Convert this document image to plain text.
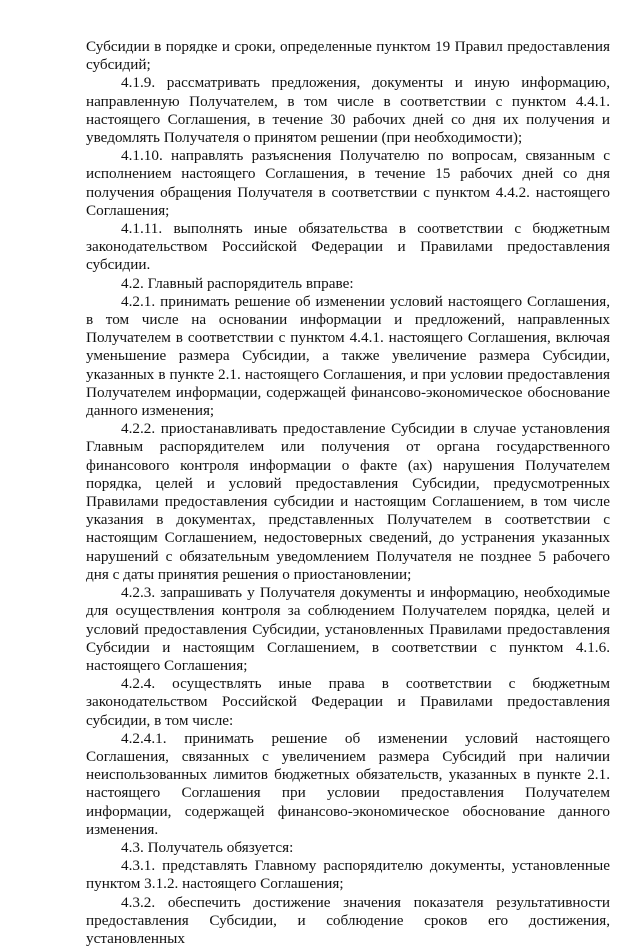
Субсидии в порядке и сроки, определенные пунктом 19 Правил предоставления субсидий;

4.1.9. рассматривать предложения, документы и иную информацию, направленную Получателем, в том числе в соответствии с пунктом 4.4.1. настоящего Соглашения, в течение 30 рабочих дней со дня их получения и уведомлять Получателя о принятом решении (при необходимости);

4.1.10. направлять разъяснения Получателю по вопросам, связанным с исполнением настоящего Соглашения, в течение 15 рабочих дней со дня получения обращения Получателя в соответствии с пунктом 4.4.2. настоящего Соглашения;

4.1.11. выполнять иные обязательства в соответствии с бюджетным законодательством Российской Федерации и Правилами предоставления субсидии.

4.2. Главный распорядитель вправе:

4.2.1. принимать решение об изменении условий настоящего Соглашения, в том числе на основании информации и предложений, направленных Получателем в соответствии с пунктом 4.4.1. настоящего Соглашения, включая уменьшение размера Субсидии, а также увеличение размера Субсидии, указанных в пункте 2.1. настоящего Соглашения, и при условии предоставления Получателем информации, содержащей финансово-экономическое обоснование данного изменения;

4.2.2. приостанавливать предоставление Субсидии в случае установления Главным распорядителем или получения от органа государственного финансового контроля информации о факте (ах) нарушения Получателем порядка, целей и условий предоставления Субсидии, предусмотренных Правилами предоставления субсидии и настоящим Соглашением, в том числе указания в документах, представленных Получателем в соответствии с настоящим Соглашением, недостоверных сведений, до устранения указанных нарушений с обязательным уведомлением Получателя не позднее 5 рабочего дня с даты принятия решения о приостановлении;

4.2.3. запрашивать у Получателя документы и информацию, необходимые для осуществления контроля за соблюдением Получателем порядка, целей и условий предоставления Субсидии, установленных Правилами предоставления Субсидии и настоящим Соглашением, в соответствии с пунктом 4.1.6. настоящего Соглашения;

4.2.4. осуществлять иные права в соответствии с бюджетным законодательством Российской Федерации и Правилами предоставления субсидии, в том числе:

4.2.4.1. принимать решение об изменении условий настоящего Соглашения, связанных с увеличением размера Субсидий при наличии неиспользованных лимитов бюджетных обязательств, указанных в пункте 2.1. настоящего Соглашения при условии предоставления Получателем информации, содержащей финансово-экономическое обоснование данного изменения.

4.3. Получатель обязуется:

4.3.1. представлять Главному распорядителю документы, установленные пунктом 3.1.2. настоящего Соглашения;

4.3.2. обеспечить достижение значения показателя результативности предоставления Субсидии, и соблюдение сроков его достижения, установленных
